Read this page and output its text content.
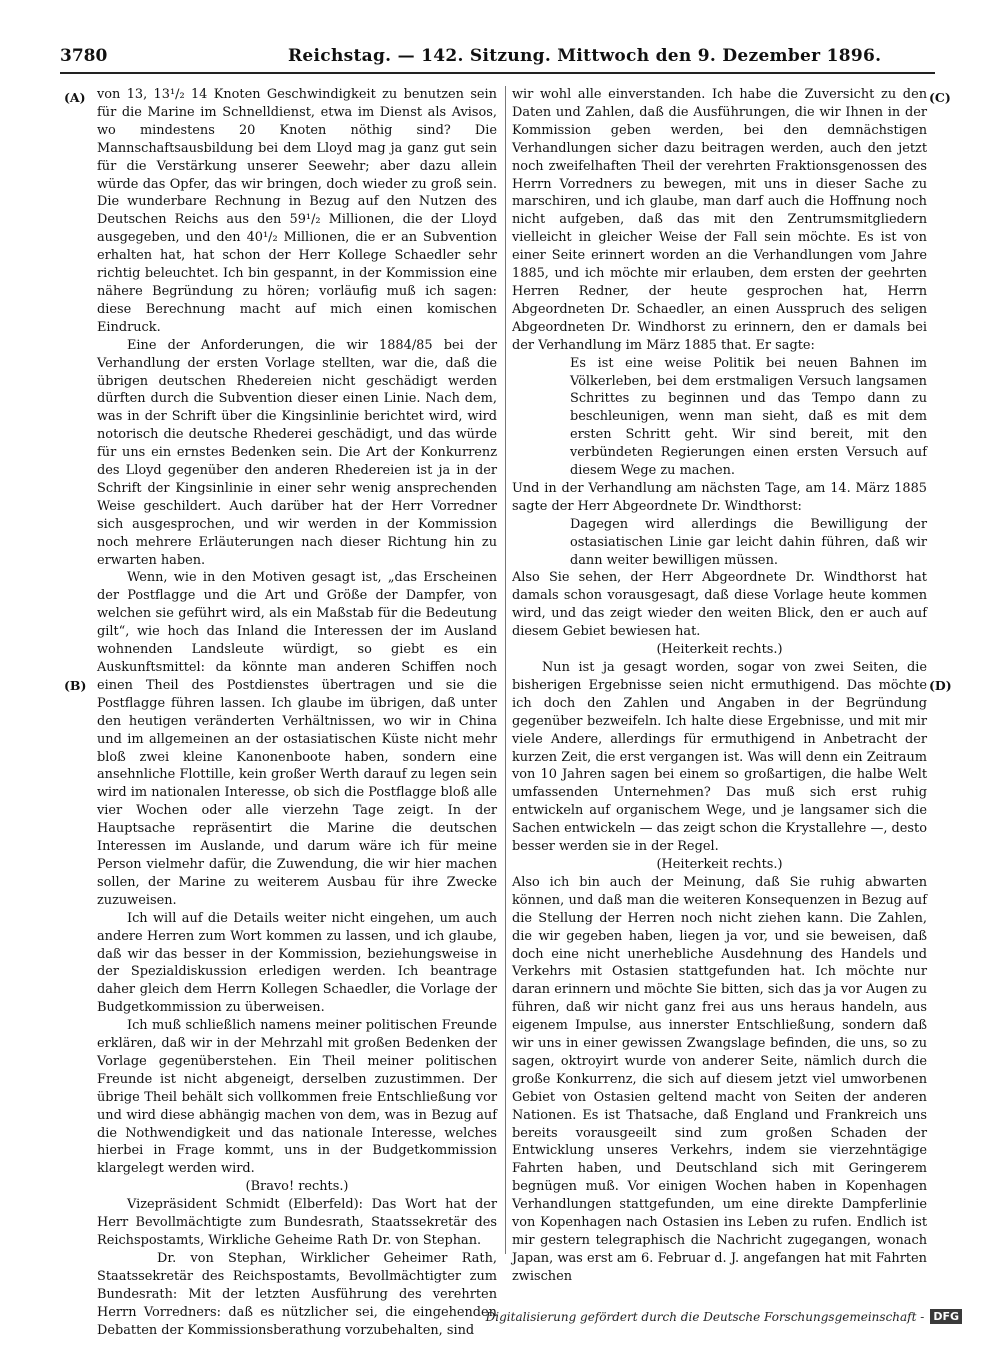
3780	Reichstag. — 142. Sitzung. Mittwoch den 9. Dezember 1896.
(A)
(B)
(C)
(D)

von 13, 13¹/₂ 14 Knoten Geschwindigkeit zu benutzen sein für die Marine im Schnelldienst, etwa im Dienst als Avisos, wo mindestens 20 Knoten nöthig sind? Die Mannschaftsausbildung bei dem Lloyd mag ja ganz gut sein für die Verstärkung unserer Seewehr; aber dazu allein würde das Opfer, das wir bringen, doch wieder zu groß sein. Die wunderbare Rechnung in Bezug auf den Nutzen des Deutschen Reichs aus den 59¹/₂ Millionen, die der Lloyd ausgegeben, und den 40¹/₂ Millionen, die er an Subvention erhalten hat, hat schon der Herr Kollege Schaedler sehr richtig beleuchtet. Ich bin gespannt, in der Kommission eine nähere Begründung zu hören; vorläufig muß ich sagen: diese Berechnung macht auf mich einen komischen Eindruck.

Eine der Anforderungen, die wir 1884/85 bei der Verhandlung der ersten Vorlage stellten, war die, daß die übrigen deutschen Rhedereien nicht geschädigt werden dürften durch die Subvention dieser einen Linie. Nach dem, was in der Schrift über die Kingsinlinie berichtet wird, wird notorisch die deutsche Rhederei geschädigt, und das würde für uns ein ernstes Bedenken sein. Die Art der Konkurrenz des Lloyd gegenüber den anderen Rhedereien ist ja in der Schrift der Kingsinlinie in einer sehr wenig ansprechenden Weise geschildert. Auch darüber hat der Herr Vorredner sich ausgesprochen, und wir werden in der Kommission noch mehrere Erläuterungen nach dieser Richtung hin zu erwarten haben.

Wenn, wie in den Motiven gesagt ist, „das Erscheinen der Postflagge und die Art und Größe der Dampfer, von welchen sie geführt wird, als ein Maßstab für die Bedeutung gilt“, wie hoch das Inland die Interessen der im Ausland wohnenden Landsleute würdigt, so giebt es ein Auskunftsmittel: da könnte man anderen Schiffen noch einen Theil des Postdienstes übertragen und sie die Postflagge führen lassen. Ich glaube im übrigen, daß unter den heutigen veränderten Verhältnissen, wo wir in China und im allgemeinen an der ostasiatischen Küste nicht mehr bloß zwei kleine Kanonenboote haben, sondern eine ansehnliche Flottille, kein großer Werth darauf zu legen sein wird im nationalen Interesse, ob sich die Postflagge bloß alle vier Wochen oder alle vierzehn Tage zeigt. In der Hauptsache repräsentirt die Marine die deutschen Interessen im Auslande, und darum wäre ich für meine Person vielmehr dafür, die Zuwendung, die wir hier machen sollen, der Marine zu weiterem Ausbau für ihre Zwecke zuzuweisen.

Ich will auf die Details weiter nicht eingehen, um auch andere Herren zum Wort kommen zu lassen, und ich glaube, daß wir das besser in der Kommission, beziehungsweise in der Spezialdiskussion erledigen werden. Ich beantrage daher gleich dem Herrn Kollegen Schaedler, die Vorlage der Budgetkommission zu überweisen.

Ich muß schließlich namens meiner politischen Freunde erklären, daß wir in der Mehrzahl mit großen Bedenken der Vorlage gegenüberstehen. Ein Theil meiner politischen Freunde ist nicht abgeneigt, derselben zuzustimmen. Der übrige Theil behält sich vollkommen freie Entschließung vor und wird diese abhängig machen von dem, was in Bezug auf die Nothwendigkeit und das nationale Interesse, welches hierbei in Frage kommt, uns in der Budgetkommission klargelegt werden wird.

(Bravo! rechts.)

Vizepräsident Schmidt (Elberfeld): Das Wort hat der Herr Bevollmächtigte zum Bundesrath, Staatssekretär des Reichspostamts, Wirkliche Geheime Rath Dr. von Stephan.

Dr. von Stephan, Wirklicher Geheimer Rath, Staatssekretär des Reichspostamts, Bevollmächtigter zum Bundesrath: Mit der letzten Ausführung des verehrten Herrn Vorredners: daß es nützlicher sei, die eingehenden Debatten der Kommissionsberathung vorzubehalten, sind

wir wohl alle einverstanden. Ich habe die Zuversicht zu den Daten und Zahlen, daß die Ausführungen, die wir Ihnen in der Kommission geben werden, bei den demnächstigen Verhandlungen sicher dazu beitragen werden, auch den jetzt noch zweifelhaften Theil der verehrten Fraktionsgenossen des Herrn Vorredners zu bewegen, mit uns in dieser Sache zu marschiren, und ich glaube, man darf auch die Hoffnung noch nicht aufgeben, daß das mit den Zentrumsmitgliedern vielleicht in gleicher Weise der Fall sein möchte. Es ist von einer Seite erinnert worden an die Verhandlungen vom Jahre 1885, und ich möchte mir erlauben, dem ersten der geehrten Herren Redner, der heute gesprochen hat, Herrn Abgeordneten Dr. Schaedler, an einen Ausspruch des seligen Abgeordneten Dr. Windhorst zu erinnern, den er damals bei der Verhandlung im März 1885 that. Er sagte:

Es ist eine weise Politik bei neuen Bahnen im Völkerleben, bei dem erstmaligen Versuch langsamen Schrittes zu beginnen und das Tempo dann zu beschleunigen, wenn man sieht, daß es mit dem ersten Schritt geht. Wir sind bereit, mit den verbündeten Regierungen einen ersten Versuch auf diesem Wege zu machen.

Und in der Verhandlung am nächsten Tage, am 14. März 1885 sagte der Herr Abgeordnete Dr. Windthorst:

Dagegen wird allerdings die Bewilligung der ostasiatischen Linie gar leicht dahin führen, daß wir dann weiter bewilligen müssen.

Also Sie sehen, der Herr Abgeordnete Dr. Windthorst hat damals schon vorausgesagt, daß diese Vorlage heute kommen wird, und das zeigt wieder den weiten Blick, den er auch auf diesem Gebiet bewiesen hat.

(Heiterkeit rechts.)

Nun ist ja gesagt worden, sogar von zwei Seiten, die bisherigen Ergebnisse seien nicht ermuthigend. Das möchte ich doch den Zahlen und Angaben in der Begründung gegenüber bezweifeln. Ich halte diese Ergebnisse, und mit mir viele Andere, allerdings für ermuthigend in Anbetracht der kurzen Zeit, die erst vergangen ist. Was will denn ein Zeitraum von 10 Jahren sagen bei einem so großartigen, die halbe Welt umfassenden Unternehmen? Das muß sich erst ruhig entwickeln auf organischem Wege, und je langsamer sich die Sachen entwickeln — das zeigt schon die Krystallehre —, desto besser werden sie in der Regel.

(Heiterkeit rechts.)

Also ich bin auch der Meinung, daß Sie ruhig abwarten können, und daß man die weiteren Konsequenzen in Bezug auf die Stellung der Herren noch nicht ziehen kann. Die Zahlen, die wir gegeben haben, liegen ja vor, und sie beweisen, daß doch eine nicht unerhebliche Ausdehnung des Handels und Verkehrs mit Ostasien stattgefunden hat. Ich möchte nur daran erinnern und möchte Sie bitten, sich das ja vor Augen zu führen, daß wir nicht ganz frei aus uns heraus handeln, aus eigenem Impulse, aus innerster Entschließung, sondern daß wir uns in einer gewissen Zwangslage befinden, die uns, so zu sagen, oktroyirt wurde von anderer Seite, nämlich durch die große Konkurrenz, die sich auf diesem jetzt viel umworbenen Gebiet von Ostasien geltend macht von Seiten der anderen Nationen. Es ist Thatsache, daß England und Frankreich uns bereits vorausgeeilt sind zum großen Schaden der Entwicklung unseres Verkehrs, indem sie vierzehntägige Fahrten haben, und Deutschland sich mit Geringerem begnügen muß. Vor einigen Wochen haben in Kopenhagen Verhandlungen stattgefunden, um eine direkte Dampferlinie von Kopenhagen nach Ostasien ins Leben zu rufen. Endlich ist mir gestern telegraphisch die Nachricht zugegangen, wonach Japan, was erst am 6. Februar d. J. angefangen hat mit Fahrten zwischen

Digitalisierung gefördert durch die Deutsche Forschungsgemeinschaft - DFG
